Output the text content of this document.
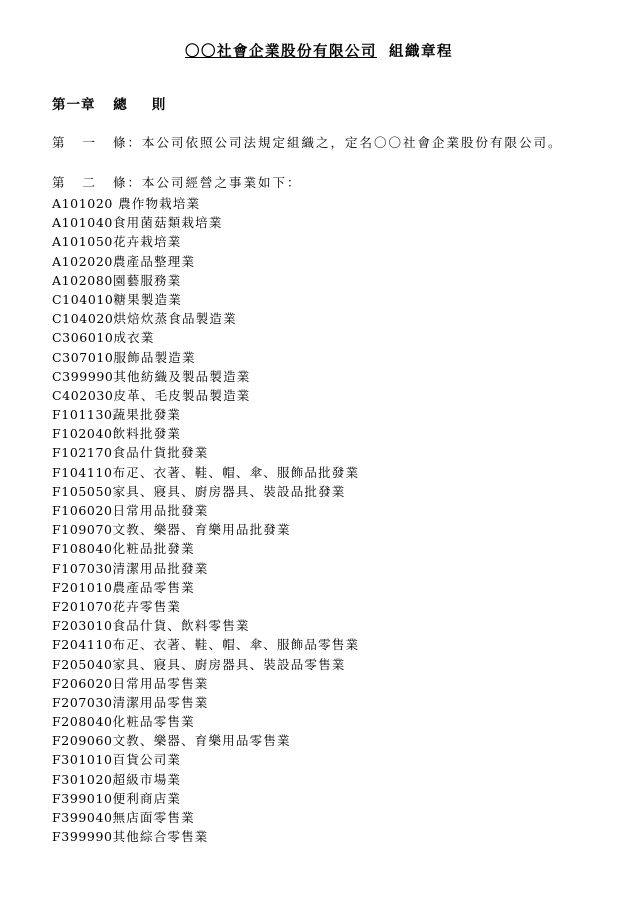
〇〇社會企業股份有限公司 組織章程
第一章 總 則
第 一 條：本公司依照公司法規定組織之，定名〇〇社會企業股份有限公司。
第 二 條：本公司經營之事業如下：
A101020 農作物栽培業
A101040食用菌菇類栽培業
A101050花卉栽培業
A102020農產品整理業
A102080園藝服務業
C104010糖果製造業
C104020烘焙炊蒸食品製造業
C306010成衣業
C307010服飾品製造業
C399990其他紡織及製品製造業
C402030皮革、毛皮製品製造業
F101130蔬果批發業
F102040飲料批發業
F102170食品什貨批發業
F104110布疋、衣著、鞋、帽、傘、服飾品批發業
F105050家具、寢具、廚房器具、裝設品批發業
F106020日常用品批發業
F109070文教、樂器、育樂用品批發業
F108040化粧品批發業
F107030清潔用品批發業
F201010農產品零售業
F201070花卉零售業
F203010食品什貨、飲料零售業
F204110布疋、衣著、鞋、帽、傘、服飾品零售業
F205040家具、寢具、廚房器具、裝設品零售業
F206020日常用品零售業
F207030清潔用品零售業
F208040化粧品零售業
F209060文教、樂器、育樂用品零售業
F301010百貨公司業
F301020超級市場業
F399010便利商店業
F399040無店面零售業
F399990其他綜合零售業
